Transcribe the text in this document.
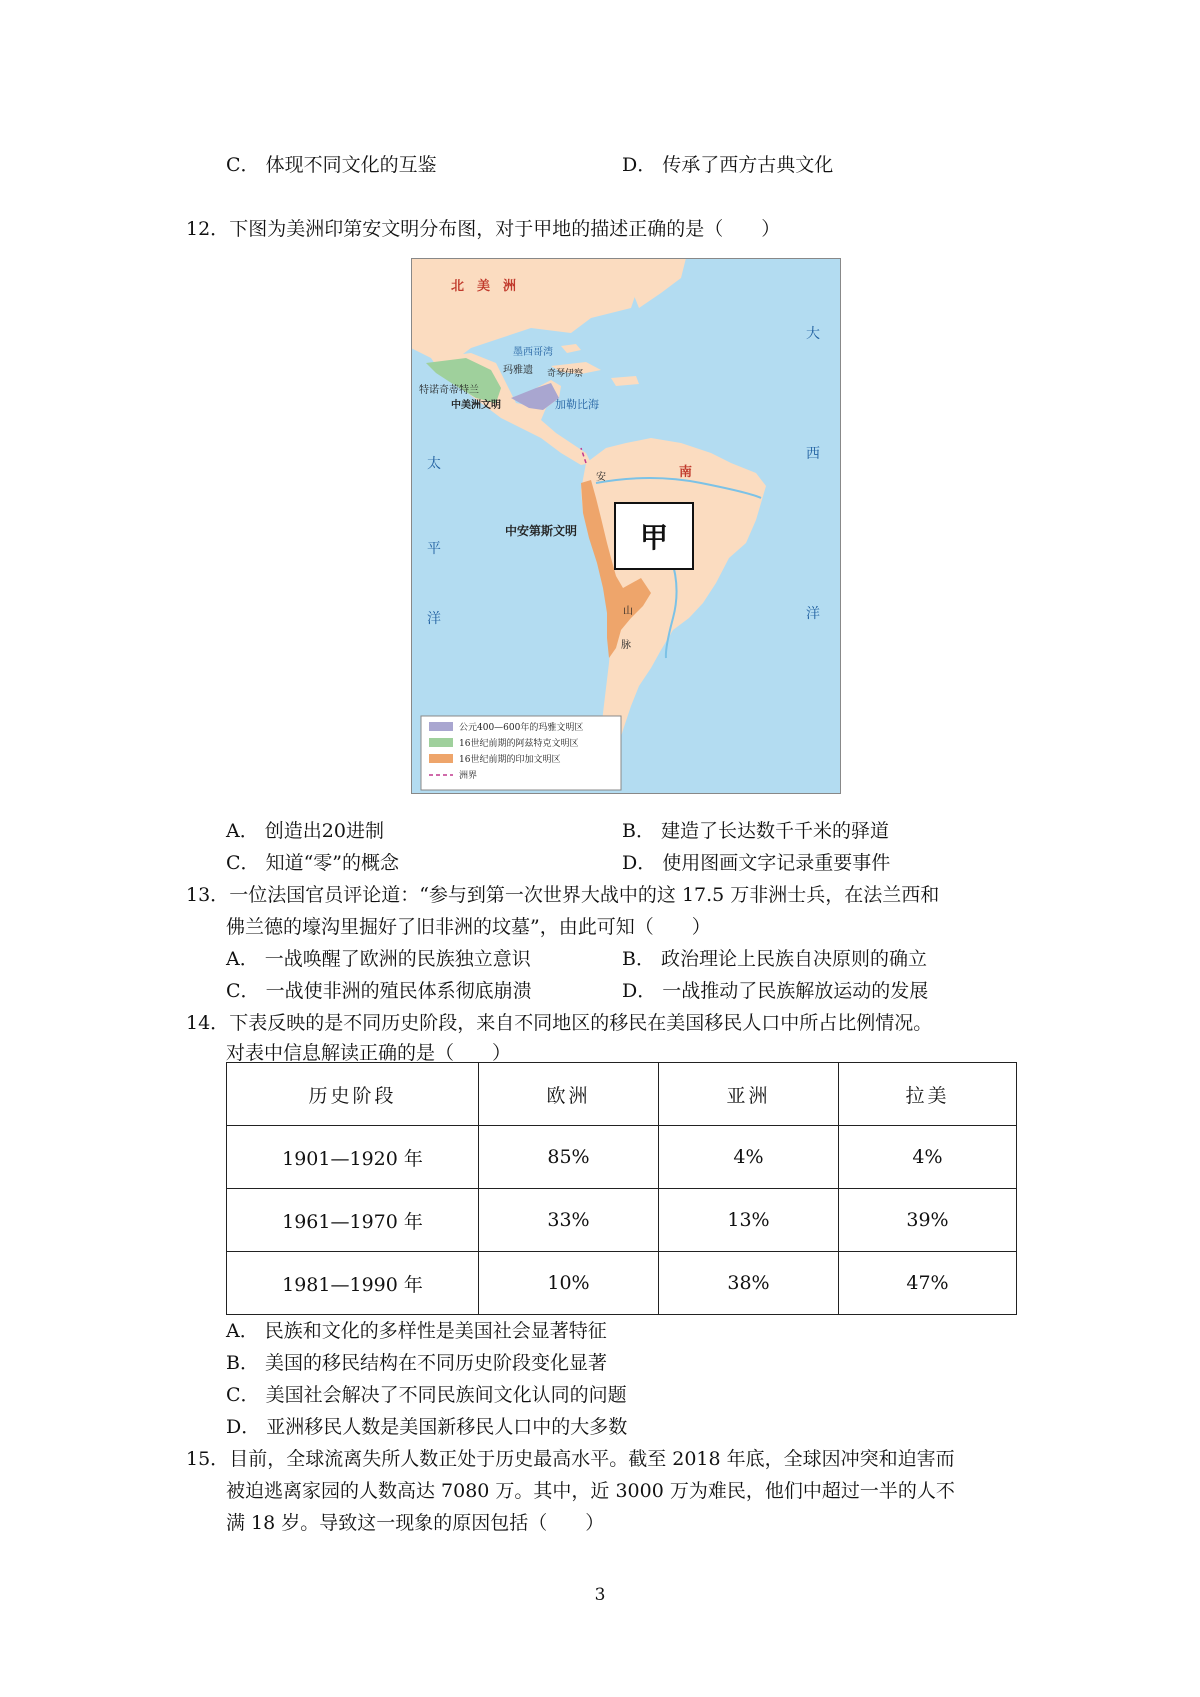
C． 体现不同文化的互鉴	D． 传承了西方古典文化
12．下图为美洲印第安文明分布图，对于甲地的描述正确的是（　　）
北　美　洲
墨西哥湾
玛雅遗 奇琴伊察
特诺奇蒂特兰
中美洲文明	加勒比海
大
西
洋
太
平
洋
南
安
中安第斯文明
山
脉
甲
公元400—600年的玛雅文明区
16世纪前期的阿兹特克文明区
16世纪前期的印加文明区
洲界
A． 创造出20进制	B． 建造了长达数千千米的驿道
C． 知道“零”的概念	D． 使用图画文字记录重要事件
13．一位法国官员评论道：“参与到第一次世界大战中的这 17.5 万非洲士兵，在法兰西和
佛兰德的壕沟里掘好了旧非洲的坟墓”，由此可知（　　）
A． 一战唤醒了欧洲的民族独立意识	B． 政治理论上民族自决原则的确立
C． 一战使非洲的殖民体系彻底崩溃	D． 一战推动了民族解放运动的发展
14．下表反映的是不同历史阶段，来自不同地区的移民在美国移民人口中所占比例情况。
对表中信息解读正确的是（　　）
历史阶段	欧洲	亚洲	拉美
1901—1920 年	85%	4%	4%
1961—1970 年	33%	13%	39%
1981—1990 年	10%	38%	47%
A． 民族和文化的多样性是美国社会显著特征
B． 美国的移民结构在不同历史阶段变化显著
C． 美国社会解决了不同民族间文化认同的问题
D． 亚洲移民人数是美国新移民人口中的大多数
15．目前，全球流离失所人数正处于历史最高水平。截至 2018 年底，全球因冲突和迫害而
被迫逃离家园的人数高达 7080 万。其中，近 3000 万为难民，他们中超过一半的人不
满 18 岁。导致这一现象的原因包括（　　）
3
